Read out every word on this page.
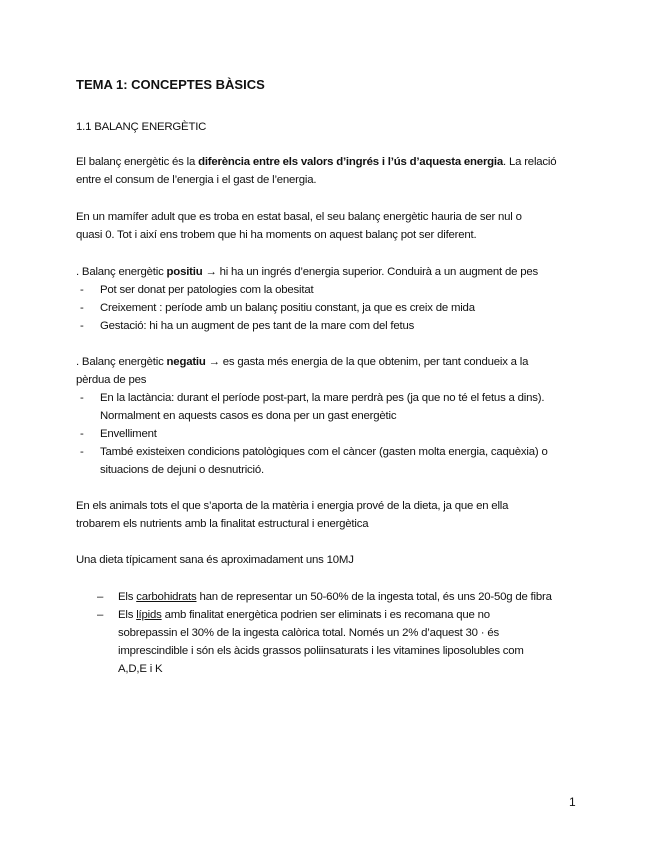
TEMA 1: CONCEPTES BÀSICS
1.1 BALANÇ ENERGÈTIC
El balanç energètic és la diferència entre els valors d’ingrés i l’ús d’aquesta energia. La relació
entre el consum de l’energia i el gast de l’energia.
En un mamífer adult que es troba en estat basal, el seu balanç energètic hauria de ser nul o
quasi 0. Tot i així ens trobem que hi ha moments on aquest balanç pot ser diferent.
. Balanç energètic positiu → hi ha un ingrés d’energia superior. Conduirà a un augment de pes
- Pot ser donat per patologies com la obesitat
- Creixement : període amb un balanç positiu constant, ja que es creix de mida
- Gestació: hi ha un augment de pes tant de la mare com del fetus
. Balanç energètic negatiu → es gasta més energia de la que obtenim, per tant condueix a la
pèrdua de pes
- En la lactància: durant el període post-part, la mare perdrà pes (ja que no té el fetus a dins).
Normalment en aquests casos es dona per un gast energètic
- Envelliment
- També existeixen condicions patològiques com el càncer (gasten molta energia, caquèxia) o
situacions de dejuni o desnutrició.
En els animals tots el que s’aporta de la matèria i energia prové de la dieta, ja que en ella
trobarem els nutrients amb la finalitat estructural i energètica
Una dieta típicament sana és aproximadament uns 10MJ
– Els carbohidrats han de representar un 50-60% de la ingesta total, és uns 20-50g de fibra
– Els lípids amb finalitat energètica podrien ser eliminats i es recomana que no
sobrepassin el 30% de la ingesta calòrica total. Només un 2% d’aquest 30 · és
imprescindible i són els àcids grassos poliinsaturats i les vitamines liposolubles com
A,D,E i K
1
